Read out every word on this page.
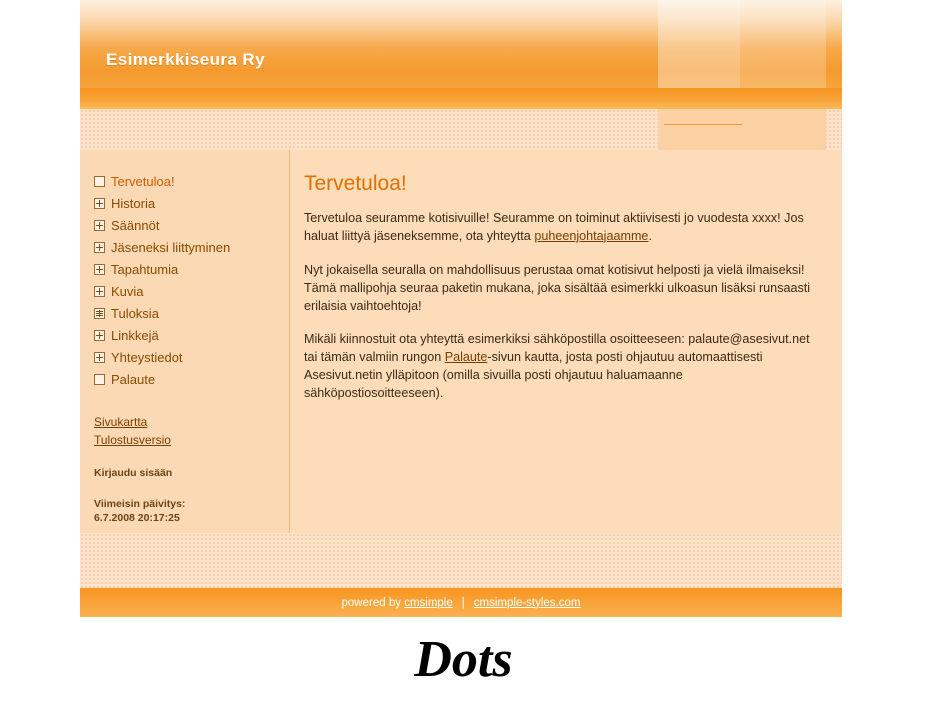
Esimerkkiseura Ry
Tervetuloa!
Historia
Säännöt
Jäseneksi liittyminen
Tapahtumia
Kuvia
Tuloksia
Linkkejä
Yhteystiedot
Palaute
Sivukartta
Tulostusversio
Kirjaudu sisään
Viimeisin päivitys:
6.7.2008 20:17:25
Tervetuloa!

Tervetuloa seuramme kotisivuille! Seuramme on toiminut aktiivisesti jo vuodesta xxxx! Jos haluat liittyä jäseneksemme, ota yhteytta puheenjohtajaamme.

Nyt jokaisella seuralla on mahdollisuus perustaa omat kotisivut helposti ja vielä ilmaiseksi! Tämä mallipohja seuraa paketin mukana, joka sisältää esimerkki ulkoasun lisäksi runsaasti erilaisia vaihtoehtoja!

Mikäli kiinnostuit ota yhteyttä esimerkiksi sähköpostilla osoitteeseen: palaute@asesivut.net tai tämän valmiin rungon Palaute-sivun kautta, josta posti ohjautuu automaattisesti Asesivut.netin ylläpitoon (omilla sivuilla posti ohjautuu haluamaanne sähköpostiosoitteeseen).

powered by
cmsimple | cmsimple-styles.com
Dots
